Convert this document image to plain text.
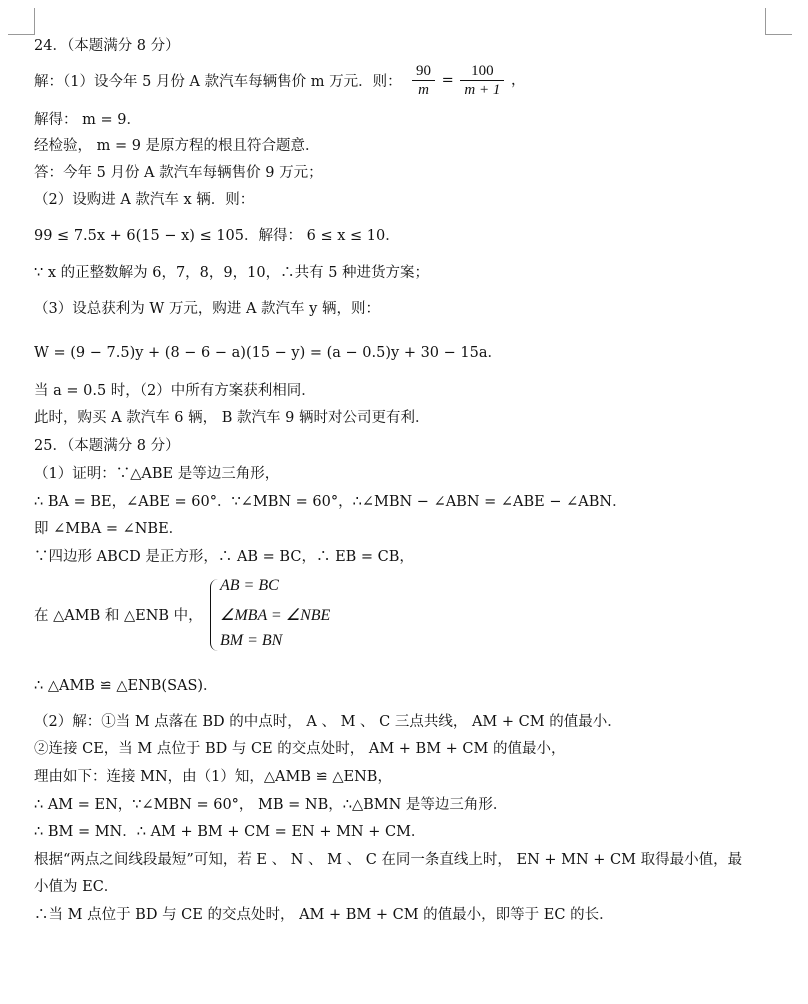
24．（本题满分 8 分）
解：（1）设今年 5 月份 A 款汽车每辆售价 m 万元．则：
解得： m = 9．
经检验， m = 9 是原方程的根且符合题意．
答：今年 5 月份 A 款汽车每辆售价 9 万元；
（2）设购进 A 款汽车 x 辆．则：
99 ≤ 7.5x + 6(15 − x) ≤ 105．解得： 6 ≤ x ≤ 10．
∵ x 的正整数解为 6，7，8，9，10，∴共有 5 种进货方案；
（3）设总获利为 W 万元，购进 A 款汽车 y 辆，则：
W = (9 − 7.5)y + (8 − 6 − a)(15 − y) = (a − 0.5)y + 30 − 15a．
当 a = 0.5 时，（2）中所有方案获利相同．
此时，购买 A 款汽车 6 辆， B 款汽车 9 辆时对公司更有利．
25．（本题满分 8 分）
（1）证明：∵△ABE 是等边三角形，
∴ BA = BE，∠ABE = 60°．∵∠MBN = 60°，∴∠MBN − ∠ABN = ∠ABE − ∠ABN．
即 ∠MBA = ∠NBE．
∵四边形 ABCD 是正方形，∴ AB = BC，∴ EB = CB，
在 △AMB 和 △ENB 中，
∴ △AMB ≌ △ENB(SAS)．
（2）解：①当 M 点落在 BD 的中点时， A 、 M 、 C 三点共线， AM + CM 的值最小．
②连接 CE，当 M 点位于 BD 与 CE 的交点处时， AM + BM + CM 的值最小，
理由如下：连接 MN，由（1）知，△AMB ≌ △ENB，
∴ AM = EN，∵∠MBN = 60°， MB = NB，∴△BMN 是等边三角形．
∴ BM = MN．∴ AM + BM + CM = EN + MN + CM．
根据“两点之间线段最短”可知，若 E 、 N 、 M 、 C 在同一条直线上时， EN + MN + CM 取得最小值，最
小值为 EC．
∴当 M 点位于 BD 与 CE 的交点处时， AM + BM + CM 的值最小，即等于 EC 的长．
$\frac{90}{m} = \frac{100}{m + 1}$ ，
AB = BC
∠MBA = ∠NBE
BM = BN
